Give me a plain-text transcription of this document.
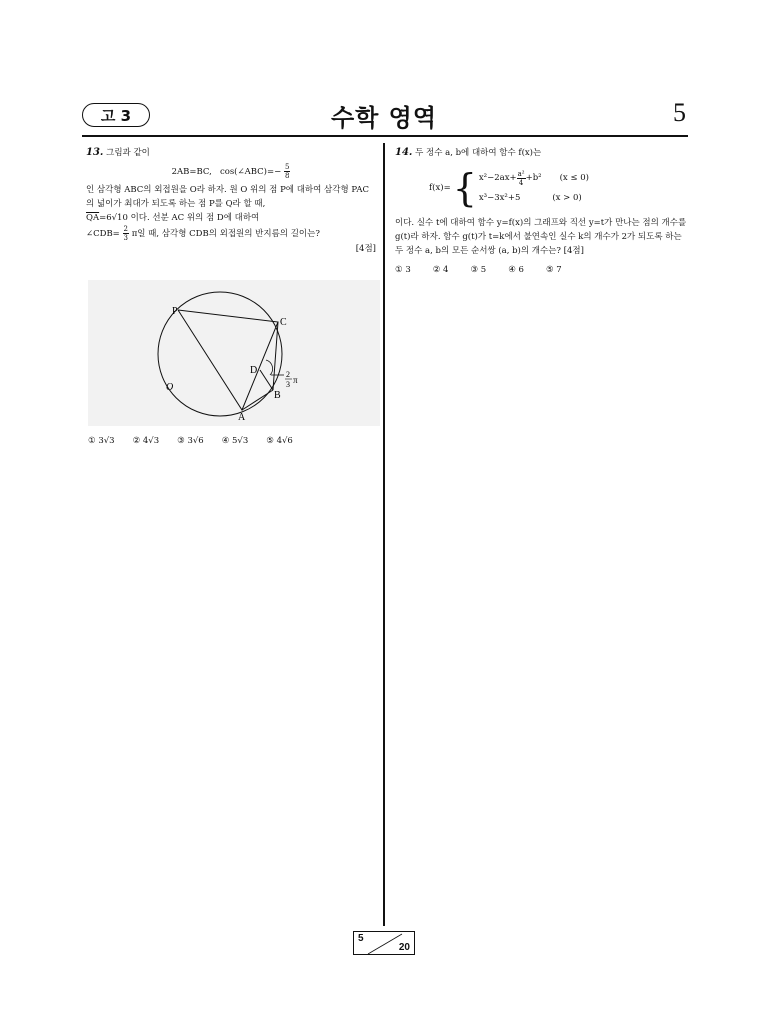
고 3	수학 영역	5

13. 그림과 같이

2AB=BC,   cos(∠ABC)=− $\frac{5}{8}$

인 삼각형 ABC의 외접원을 O라 하자. 원 O 위의 점 P에 대하여 삼각형 PAC의 넓이가 최대가 되도록 하는 점 P를 Q라 할 때,

$\overline{QA}=6√10$ 이다. 선분 AC 위의 점 D에 대하여

∠CDB= $\frac{2}{3}$ π일 때, 삼각형 CDB의 외접원의 반지름의 길이는?

[4점]
P
C
D
O
A
B
2
3 π
① 3√3 ② 4√3 ③ 3√6 ④ 5√3 ⑤ 4√6

14. 두 정수 a, b에 대하여 함수 f(x)는

f(x)= { $x^2-2ax+ \frac{\text{a²}}{4} +b^2$ (x ≤ 0)
x³−3x²+5	(x > 0)

이다. 실수 t에 대하여 함수 y=f(x)의 그래프와 직선 y=t가 만나는 점의 개수를 g(t)라 하자. 함수 g(t)가 t=k에서 불연속인 실수 k의 개수가 2가 되도록 하는 두 정수 a, b의 모든 순서쌍 (a, b)의 개수는? [4점]

① 3	② 4	③ 5	④ 6	⑤ 7
5
20
